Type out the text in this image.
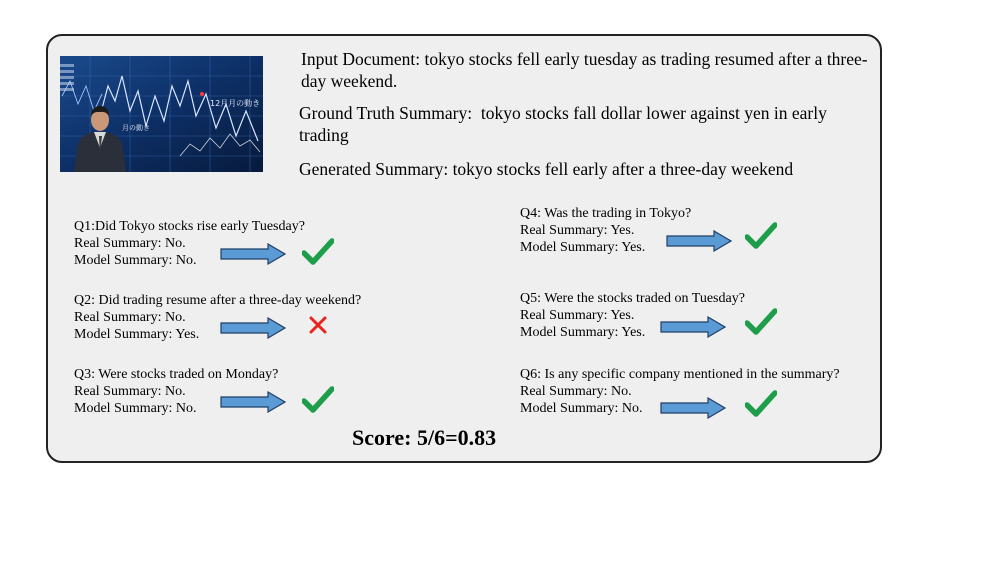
12月月の動き
月の動き
Input Document: tokyo stocks fell early tuesday as trading resumed after a three-day weekend.
Ground Truth Summary: tokyo stocks fall dollar lower against yen in early trading
Generated Summary: tokyo stocks fell early after a three-day weekend
Q1:Did Tokyo stocks rise early Tuesday?
Real Summary: No.
Model Summary: No.
Q2: Did trading resume after a three-day weekend?
Real Summary: No.
Model Summary: Yes.
Q3: Were stocks traded on Monday?
Real Summary: No.
Model Summary: No.
Q4: Was the trading in Tokyo?
Real Summary: Yes.
Model Summary: Yes.
Q5: Were the stocks traded on Tuesday?
Real Summary: Yes.
Model Summary: Yes.
Q6: Is any specific company mentioned in the summary?
Real Summary: No.
Model Summary: No.
Score: 5/6=0.83
